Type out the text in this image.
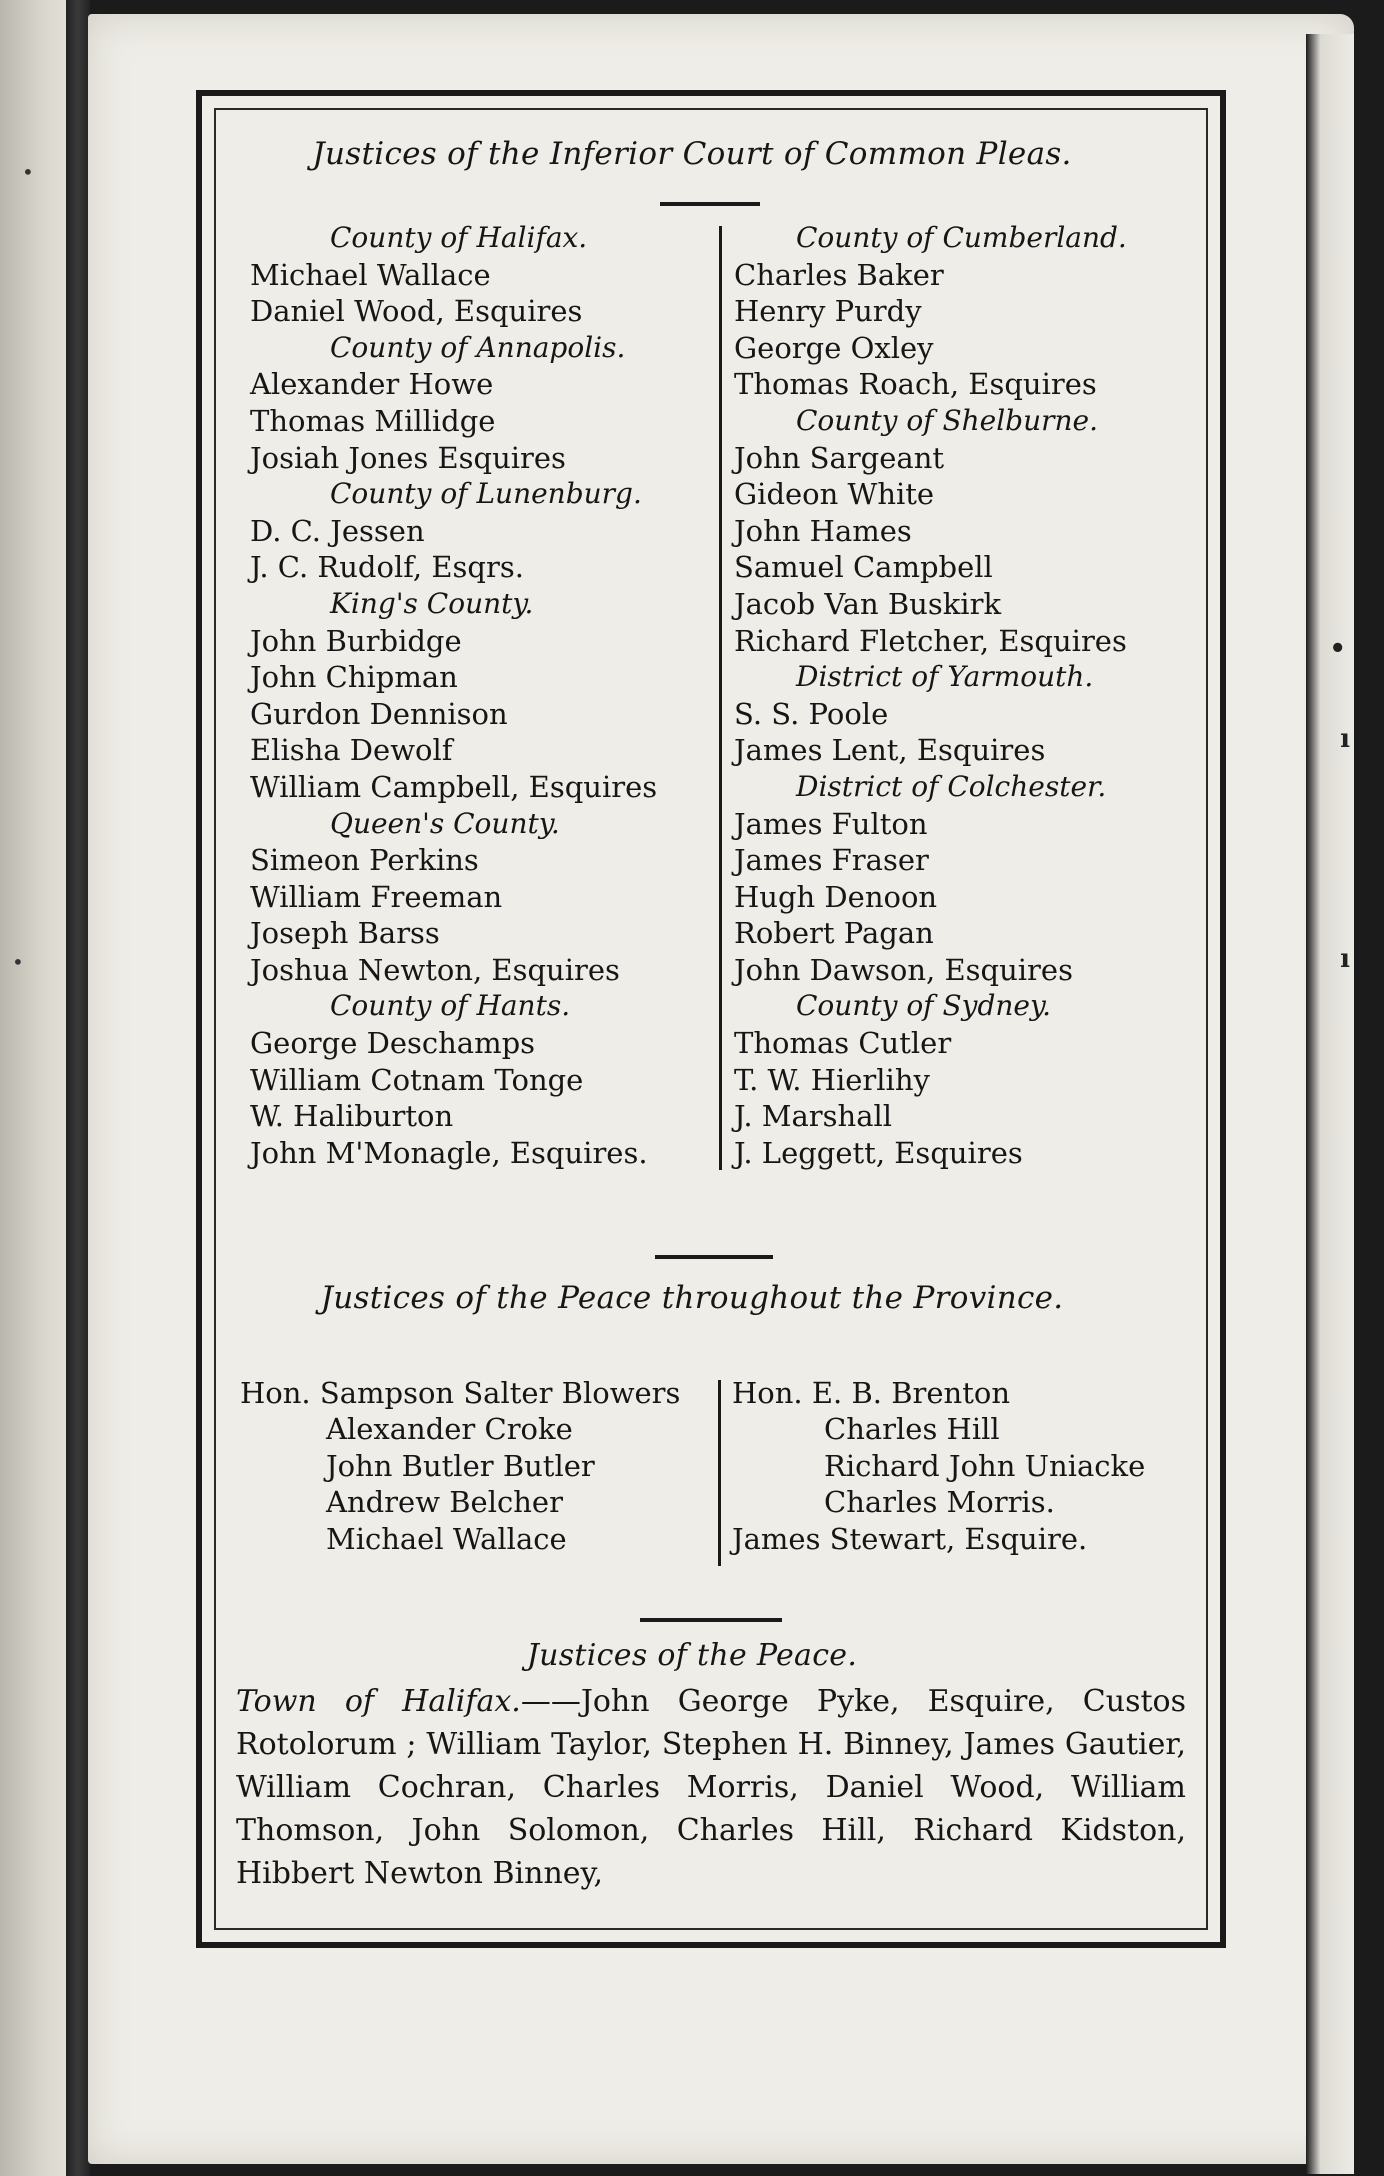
•
•
•
ı
ı
Justices of the Inferior Court of Common Pleas.
County of Halifax.
Michael Wallace
Daniel Wood, Esquires
County of Annapolis.
Alexander Howe
Thomas Millidge
Josiah Jones Esquires
County of Lunenburg.
D. C. Jessen
J. C. Rudolf, Esqrs.
King's County.
John Burbidge
John Chipman
Gurdon Dennison
Elisha Dewolf
William Campbell, Esquires
Queen's County.
Simeon Perkins
William Freeman
Joseph Barss
Joshua Newton, Esquires
County of Hants.
George Deschamps
William Cotnam Tonge
W. Haliburton
John M'Monagle, Esquires.
County of Cumberland.
Charles Baker
Henry Purdy
George Oxley
Thomas Roach, Esquires
County of Shelburne.
John Sargeant
Gideon White
John Hames
Samuel Campbell
Jacob Van Buskirk
Richard Fletcher, Esquires
District of Yarmouth.
S. S. Poole
James Lent, Esquires
District of Colchester.
James Fulton
James Fraser
Hugh Denoon
Robert Pagan
John Dawson, Esquires
County of Sydney.
Thomas Cutler
T. W. Hierlihy
J. Marshall
J. Leggett, Esquires
Justices of the Peace throughout the Province.
Hon. Sampson Salter Blowers
Alexander Croke
John Butler Butler
Andrew Belcher
Michael Wallace
Hon. E. B. Brenton
Charles Hill
Richard John Uniacke
Charles Morris.
James Stewart, Esquire.
Justices of the Peace.
Town of Halifax.——John George Pyke, Esquire, Custos Rotolorum ; William Taylor, Stephen H. Binney, James Gautier, William Cochran, Charles Morris, Daniel Wood, William Thomson, John Solomon, Charles Hill, Richard Kidston, Hibbert Newton Binney,
